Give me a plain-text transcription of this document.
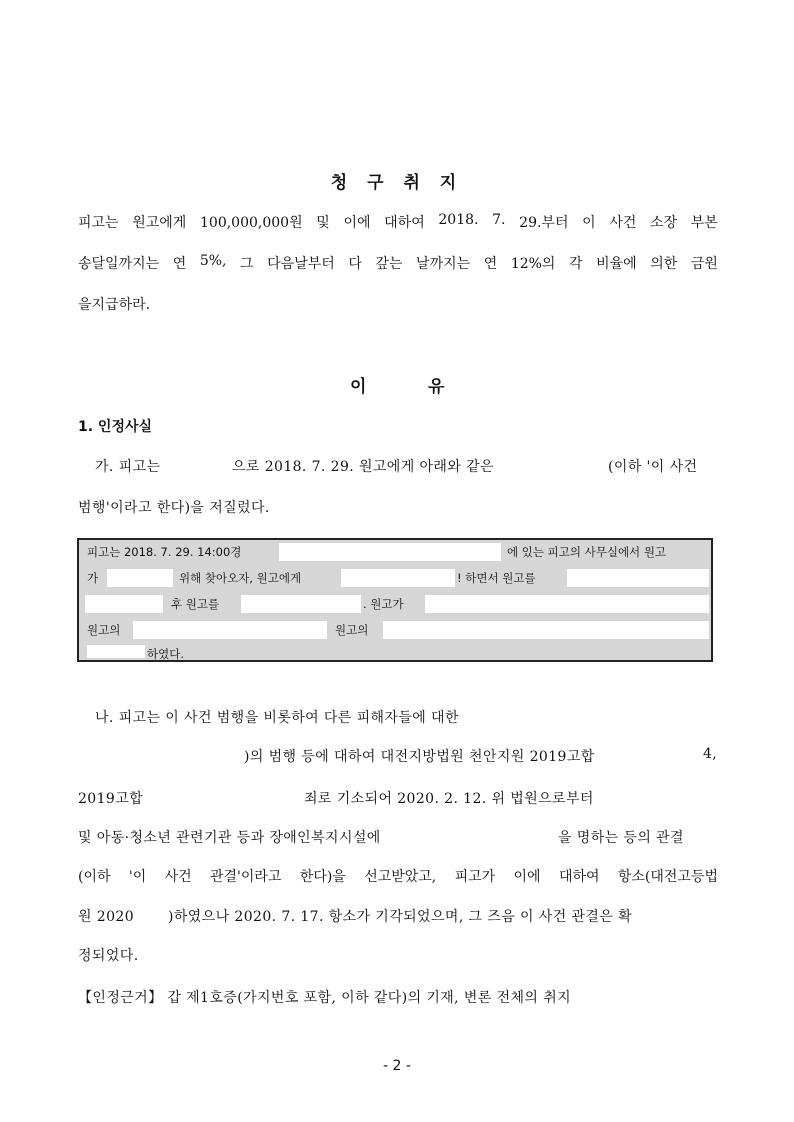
청 구 취 지
피고는 원고에게 100,000,000원 및 이에 대하여 2018. 7. 29.부터 이 사건 소장 부본
송달일까지는 연 5%, 그 다음날부터 다 갚는 날까지는 연 12%의 각 비율에 의한 금원
을 지급하라.
이	유
1. 인정사실
가. 피고는	으로 2018. 7. 29. 원고에게 아래와 같은	(이하 '이 사건
범행'이라고 한다)을 저질렀다.
피고는 2018. 7. 29. 14:00경	에 있는 피고의 사무실에서 원고
가	위해 찾아오자, 원고에게	! 하면서 원고를
후 원고를	. 원고가
원고의	원고의
하였다.
나. 피고는 이 사건 범행을 비롯하여 다른 피해자들에 대한
)의 범행 등에 대하여 대전지방법원 천안지원 2019고합	4,
2019고합	죄로 기소되어 2020. 2. 12. 위 법원으로부터
및 아동·청소년 관련기관 등과 장애인복지시설에	을 명하는 등의 관결
(이하 '이 사건 관결'이라고 한다)을 선고받았고, 피고가 이에 대하여 항소(대전고등법
원 2020 )하였으나 2020. 7. 17. 항소가 기각되었으며, 그 즈음 이 사건 관결은 확
정되었다.
【인정근거】 갑 제1호증(가지번호 포함, 이하 같다)의 기재, 변론 전체의 취지
- 2 -
